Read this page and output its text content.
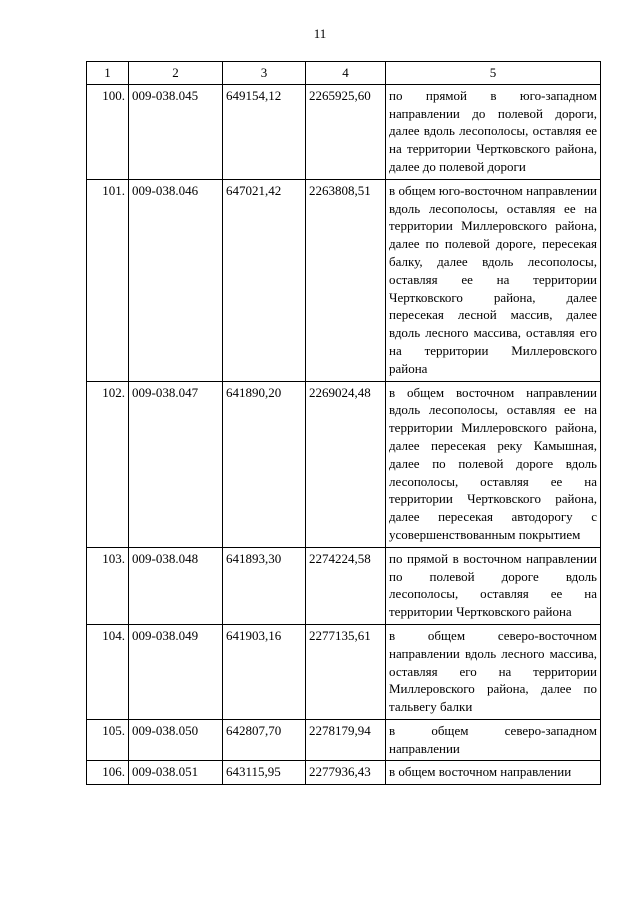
11
1	2	3	4	5
100.	009-038.045	649154,12	2265925,60	по прямой в юго-западном направлении до полевой дороги, далее вдоль лесополосы, оставляя ее на территории Чертковского района, далее до полевой дороги
101.	009-038.046	647021,42	2263808,51	в общем юго-восточном направлении вдоль лесополосы, оставляя ее на территории Миллеровского района, далее по полевой дороге, пересекая балку, далее вдоль лесополосы, оставляя ее на территории Чертковского района, далее пересекая лесной массив, далее вдоль лесного массива, оставляя его на территории Миллеровского района
102.	009-038.047	641890,20	2269024,48	в общем восточном направлении вдоль лесополосы, оставляя ее на территории Миллеровского района, далее пересекая реку Камышная, далее по полевой дороге вдоль лесополосы, оставляя ее на территории Чертковского района, далее пересекая автодорогу с усовершенствованным покрытием
103.	009-038.048	641893,30	2274224,58	по прямой в восточном направлении по полевой дороге вдоль лесополосы, оставляя ее на территории Чертковского района
104.	009-038.049	641903,16	2277135,61	в общем северо-восточном направлении вдоль лесного массива, оставляя его на территории Миллеровского района, далее по тальвегу балки
105.	009-038.050	642807,70	2278179,94	в общем северо-западном направлении
106.	009-038.051	643115,95	2277936,43	в общем восточном направлении
